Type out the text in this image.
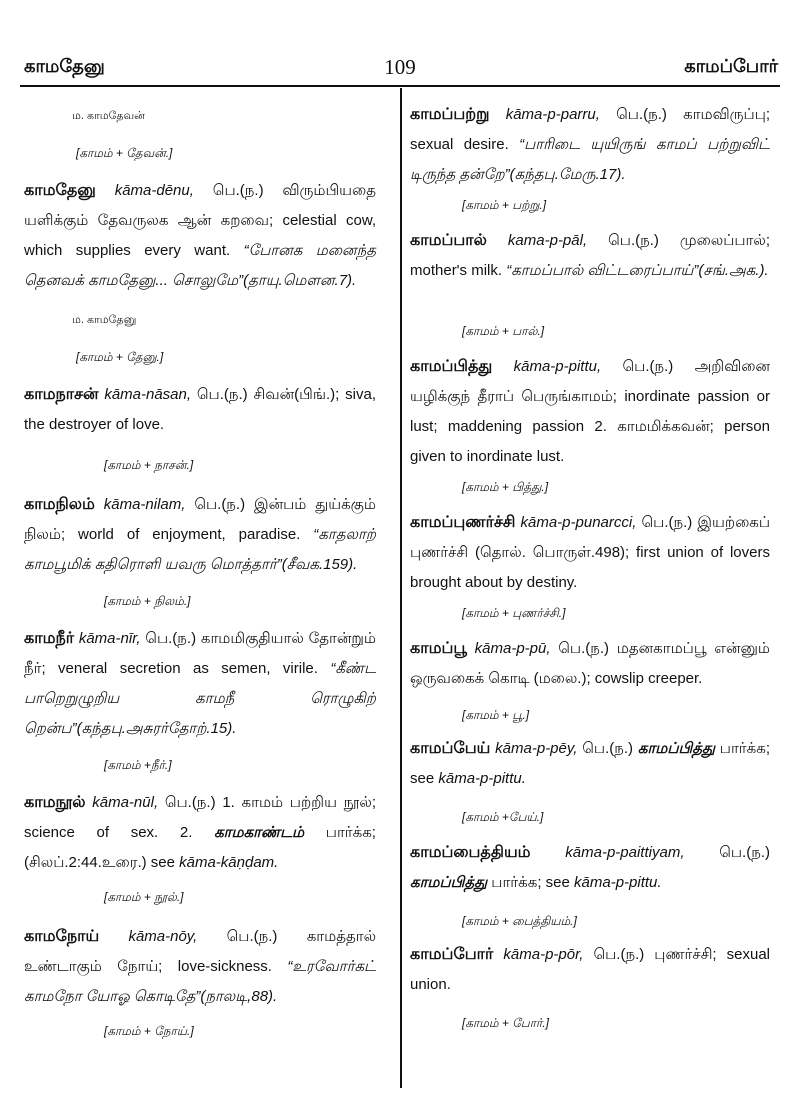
காமதேனு	109	காமப்போர்
ம. காமதேவன்
[காமம் + தேவன்.]

காமதேனு kāma-dēnu, பெ.(ந.) விரும்பியதை யளிக்கும் தேவருலக ஆன் கறவை; celestial cow, which supplies every want. “போனக மனைந்த தெனவக் காமதேனு... சொலுமே”(தாயு.மௌன.7).

ம. காமதேனு
[காமம் + தேனு.]

காமநாசன் kāma-nāsan, பெ.(ந.) சிவன்(பிங்.); siva, the destroyer of love.

[காமம் + நாசன்.]

காமநிலம் kāma-nilam, பெ.(ந.) இன்பம் துய்க்கும் நிலம்; world of enjoyment, paradise. “காதலாற் காமபூமிக் கதிரொளி யவரு மொத்தார்”(சீவக.159).

[காமம் + நிலம்.]

காமநீர் kāma-nīr, பெ.(ந.) காமமிகுதியால் தோன்றும் நீர்; veneral secretion as semen, virile. “கீண்ட பாறெறுழுறிய காமநீ ரொழுகிற் றென்ப”(கந்தபு.அசுரர்தோற்.15).

[காமம் +நீர்.]

காமநூல் kāma-nūl, பெ.(ந.) 1. காமம் பற்றிய நூல்; science of sex. 2. காமகாண்டம் பார்க்க; (சிலப்.2:44.உரை.) see kāma-kāṇḍam.

[காமம் + நூல்.]

காமநோய் kāma-nōy, பெ.(ந.) காமத்தால் உண்டாகும் நோய்; love-sickness. “உரவோர்கட் காமநோ யோஓ கொடிதே”(நாலடி,88).

[காமம் + நோய்.]

காமப்பற்று kāma-p-parru, பெ.(ந.) காமவிருப்பு; sexual desire. “பாரிடை யுயிருங் காமப் பற்றுவிட் டிருந்த தன்றே”(கந்தபு.மேரு.17).

[காமம் + பற்று.]

காமப்பால் kama-p-pāl, பெ.(ந.) முலைப்பால்; mother's milk. “காமப்பால் விட்டரைப்பாய்”(சங்.அக.).

[காமம் + பால்.]

காமப்பித்து kāma-p-pittu, பெ.(ந.) அறிவினை யழிக்குந் தீராப் பெருங்காமம்; inordinate passion or lust; maddening passion 2. காமமிக்கவன்; person given to inordinate lust.

[காமம் + பித்து.]

காமப்புணர்ச்சி kāma-p-punarcci, பெ.(ந.) இயற்கைப் புணர்ச்சி (தொல். பொருள்.498); first union of lovers brought about by destiny.

[காமம் + புணர்ச்சி.]

காமப்பூ kāma-p-pū, பெ.(ந.) மதனகாமப்பூ என்னும் ஒருவகைக் கொடி (மலை.); cowslip creeper.

[காமம் + பூ.]

காமப்பேய் kāma-p-pēy, பெ.(ந.) காமப்பித்து பார்க்க; see kāma-p-pittu.

[காமம் +பேய்.]

காமப்பைத்தியம் kāma-p-paittiyam, பெ.(ந.) காமப்பித்து பார்க்க; see kāma-p-pittu.

[காமம் + பைத்தியம்.]

காமப்போர் kāma-p-pōr, பெ.(ந.) புணர்ச்சி; sexual union.

[காமம் + போர்.]
